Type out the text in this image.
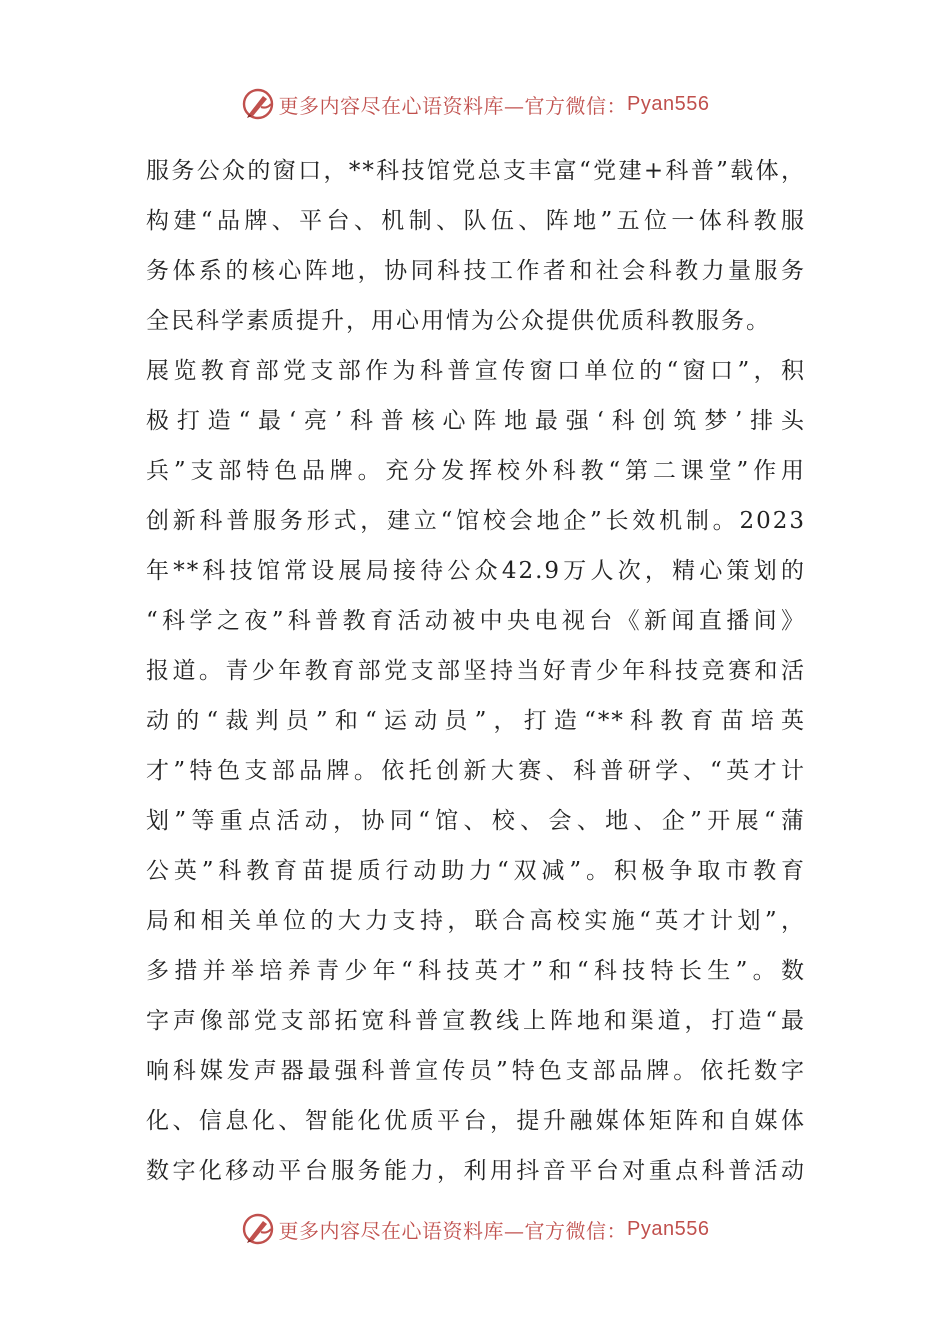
更多内容尽在心语资料库—官方微信： Pyan556
服务公众的窗口，**科技馆党总支丰富“党建+科普”载体，
构建“品牌、平台、机制、队伍、阵地”五位一体科教服
务体系的核心阵地，协同科技工作者和社会科教力量服务
全民科学素质提升，用心用情为公众提供优质科教服务。
展览教育部党支部作为科普宣传窗口单位的“窗口”，积
极打造“最‘亮’科普核心阵地最强‘科创筑梦’排头
兵”支部特色品牌。充分发挥校外科教“第二课堂”作用
创新科普服务形式，建立“馆校会地企”长效机制。2023
年**科技馆常设展局接待公众42.9万人次，精心策划的
“科学之夜”科普教育活动被中央电视台《新闻直播间》
报道。青少年教育部党支部坚持当好青少年科技竞赛和活
动的“裁判员”和“运动员”，打造“**科教育苗培英
才”特色支部品牌。依托创新大赛、科普研学、“英才计
划”等重点活动，协同“馆、校、会、地、企”开展“蒲
公英”科教育苗提质行动助力“双减”。积极争取市教育
局和相关单位的大力支持，联合高校实施“英才计划”，
多措并举培养青少年“科技英才”和“科技特长生”。数
字声像部党支部拓宽科普宣教线上阵地和渠道，打造“最
响科媒发声器最强科普宣传员”特色支部品牌。依托数字
化、信息化、智能化优质平台，提升融媒体矩阵和自媒体
数字化移动平台服务能力，利用抖音平台对重点科普活动
更多内容尽在心语资料库—官方微信： Pyan556
